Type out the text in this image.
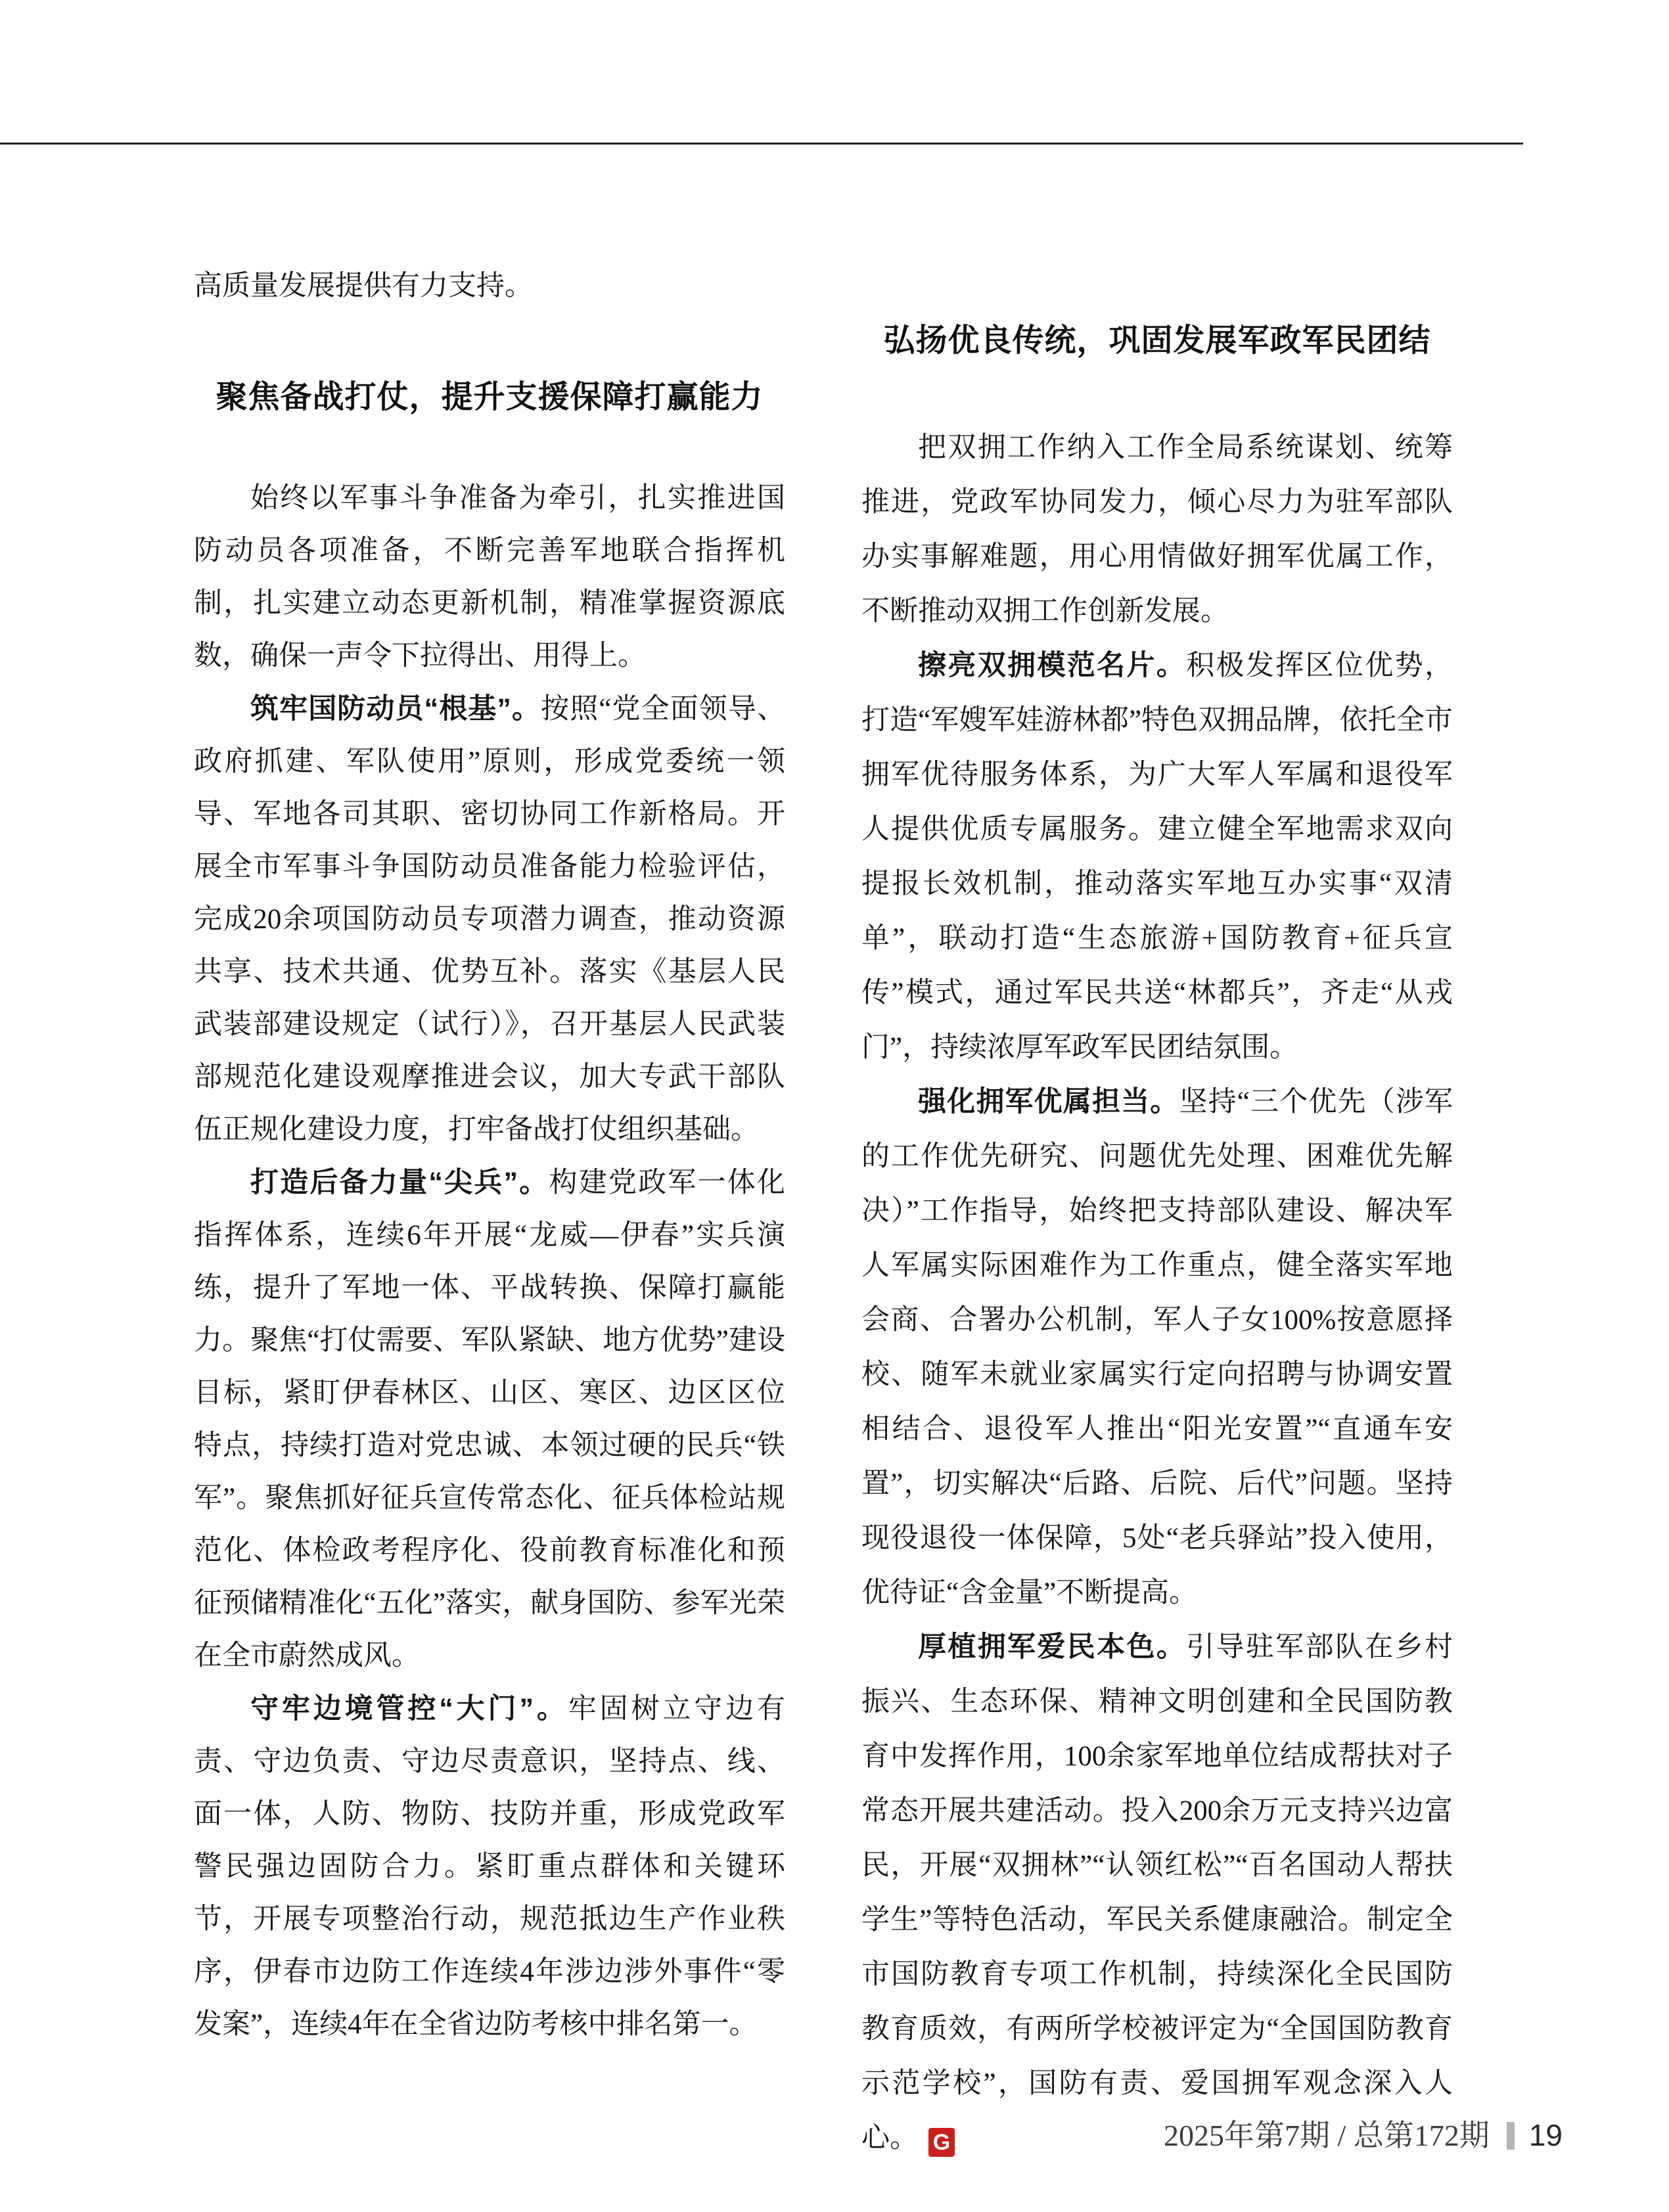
高质量发展提供有力支持。

聚焦备战打仗，提升支援保障打赢能力

始终以军事斗争准备为牵引，扎实推进国防动员各项准备，不断完善军地联合指挥机制，扎实建立动态更新机制，精准掌握资源底数，确保一声令下拉得出、用得上。

筑牢国防动员“根基”。按照“党全面领导、政府抓建、军队使用”原则，形成党委统一领导、军地各司其职、密切协同工作新格局。开展全市军事斗争国防动员准备能力检验评估，完成20余项国防动员专项潜力调查，推动资源共享、技术共通、优势互补。落实《基层人民武装部建设规定（试行）》，召开基层人民武装部规范化建设观摩推进会议，加大专武干部队伍正规化建设力度，打牢备战打仗组织基础。

打造后备力量“尖兵”。构建党政军一体化指挥体系，连续6年开展“龙威—伊春”实兵演练，提升了军地一体、平战转换、保障打赢能力。聚焦“打仗需要、军队紧缺、地方优势”建设目标，紧盯伊春林区、山区、寒区、边区区位特点，持续打造对党忠诚、本领过硬的民兵“铁军”。聚焦抓好征兵宣传常态化、征兵体检站规范化、体检政考程序化、役前教育标准化和预征预储精准化“五化”落实，献身国防、参军光荣在全市蔚然成风。

守牢边境管控“大门”。牢固树立守边有责、守边负责、守边尽责意识，坚持点、线、面一体，人防、物防、技防并重，形成党政军警民强边固防合力。紧盯重点群体和关键环节，开展专项整治行动，规范抵边生产作业秩序，伊春市边防工作连续4年涉边涉外事件“零发案”，连续4年在全省边防考核中排名第一。

弘扬优良传统，巩固发展军政军民团结

把双拥工作纳入工作全局系统谋划、统筹推进，党政军协同发力，倾心尽力为驻军部队办实事解难题，用心用情做好拥军优属工作，不断推动双拥工作创新发展。

擦亮双拥模范名片。积极发挥区位优势，打造“军嫂军娃游林都”特色双拥品牌，依托全市拥军优待服务体系，为广大军人军属和退役军人提供优质专属服务。建立健全军地需求双向提报长效机制，推动落实军地互办实事“双清单”，联动打造“生态旅游+国防教育+征兵宣传”模式，通过军民共送“林都兵”，齐走“从戎门”，持续浓厚军政军民团结氛围。

强化拥军优属担当。坚持“三个优先（涉军的工作优先研究、问题优先处理、困难优先解决）”工作指导，始终把支持部队建设、解决军人军属实际困难作为工作重点，健全落实军地会商、合署办公机制，军人子女100%按意愿择校、随军未就业家属实行定向招聘与协调安置相结合、退役军人推出“阳光安置”“直通车安置”，切实解决“后路、后院、后代”问题。坚持现役退役一体保障，5处“老兵驿站”投入使用，优待证“含金量”不断提高。

厚植拥军爱民本色。引导驻军部队在乡村振兴、生态环保、精神文明创建和全民国防教育中发挥作用，100余家军地单位结成帮扶对子常态开展共建活动。投入200余万元支持兴边富民，开展“双拥林”“认领红松”“百名国动人帮扶学生”等特色活动，军民关系健康融洽。制定全市国防教育专项工作机制，持续深化全民国防教育质效，有两所学校被评定为“全国国防教育示范学校”，国防有责、爱国拥军观念深入人心。 G	2025年第7期 / 总第172期 19
